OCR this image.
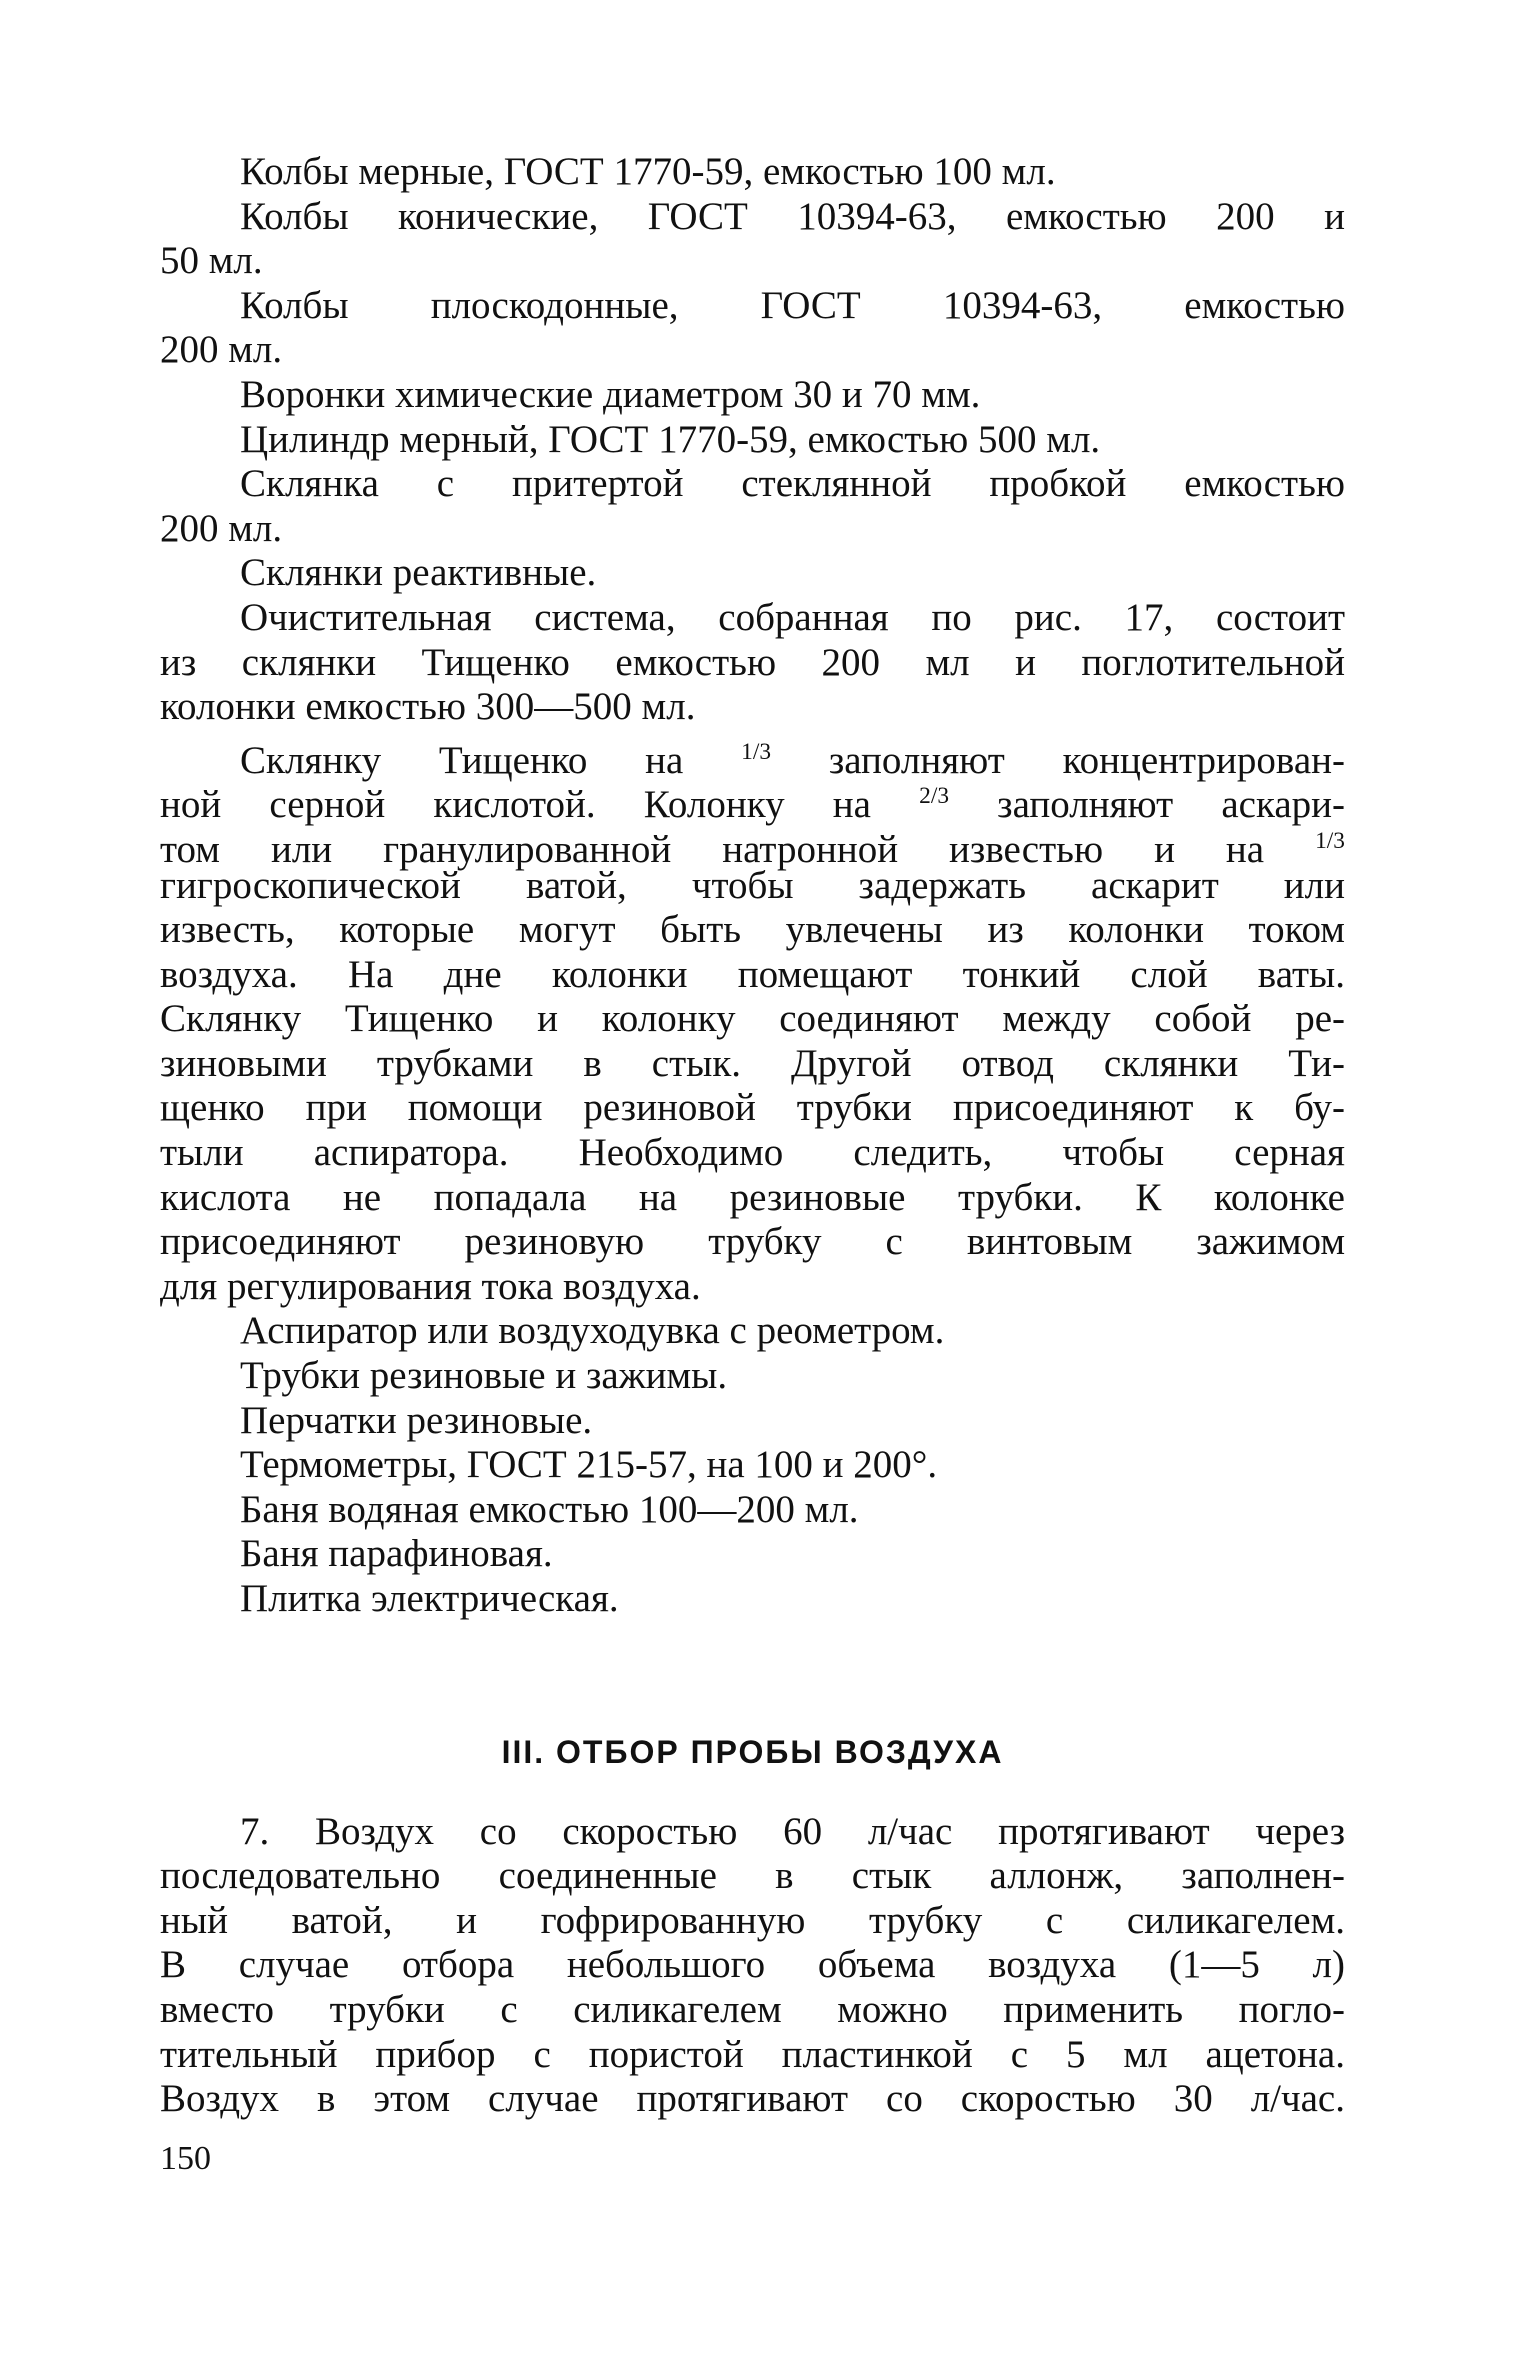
Колбы мерные, ГОСТ 1770-59, емкостью 100 мл.
Колбы конические, ГОСТ 10394-63, емкостью 200 и
50 мл.
Колбы плоскодонные, ГОСТ 10394-63, емкостью
200 мл.
Воронки химические диаметром 30 и 70 мм.
Цилиндр мерный, ГОСТ 1770-59, емкостью 500 мл.
Склянка с притертой стеклянной пробкой емкостью
200 мл.
Склянки реактивные.
Очистительная система, собранная по рис. 17, состоит
из склянки Тищенко емкостью 200 мл и поглотительной
колонки емкостью 300—500 мл.
Склянку Тищенко на $^{1/3}$ заполняют концентрирован-
ной серной кислотой. Колонку на $^{2/3}$ заполняют аскари-
том или гранулированной натронной известью и на $^{1/3}$
гигроскопической ватой, чтобы задержать аскарит или
известь, которые могут быть увлечены из колонки током
воздуха. На дне колонки помещают тонкий слой ваты.
Склянку Тищенко и колонку соединяют между собой ре-
зиновыми трубками в стык. Другой отвод склянки Ти-
щенко при помощи резиновой трубки присоединяют к бу-
тыли аспиратора. Необходимо следить, чтобы серная
кислота не попадала на резиновые трубки. К колонке
присоединяют резиновую трубку с винтовым зажимом
для регулирования тока воздуха.
Аспиратор или воздуходувка с реометром.
Трубки резиновые и зажимы.
Перчатки резиновые.
Термометры, ГОСТ 215-57, на 100 и 200°.
Баня водяная емкостью 100—200 мл.
Баня парафиновая.
Плитка электрическая.
III. ОТБОР ПРОБЫ ВОЗДУХА
7. Воздух со скоростью 60 л/час протягивают через
последовательно соединенные в стык аллонж, заполнен-
ный ватой, и гофрированную трубку с силикагелем.
В случае отбора небольшого объема воздуха (1—5 л)
вместо трубки с силикагелем можно применить погло-
тительный прибор с пористой пластинкой с 5 мл ацетона.
Воздух в этом случае протягивают со скоростью 30 л/час.
150
